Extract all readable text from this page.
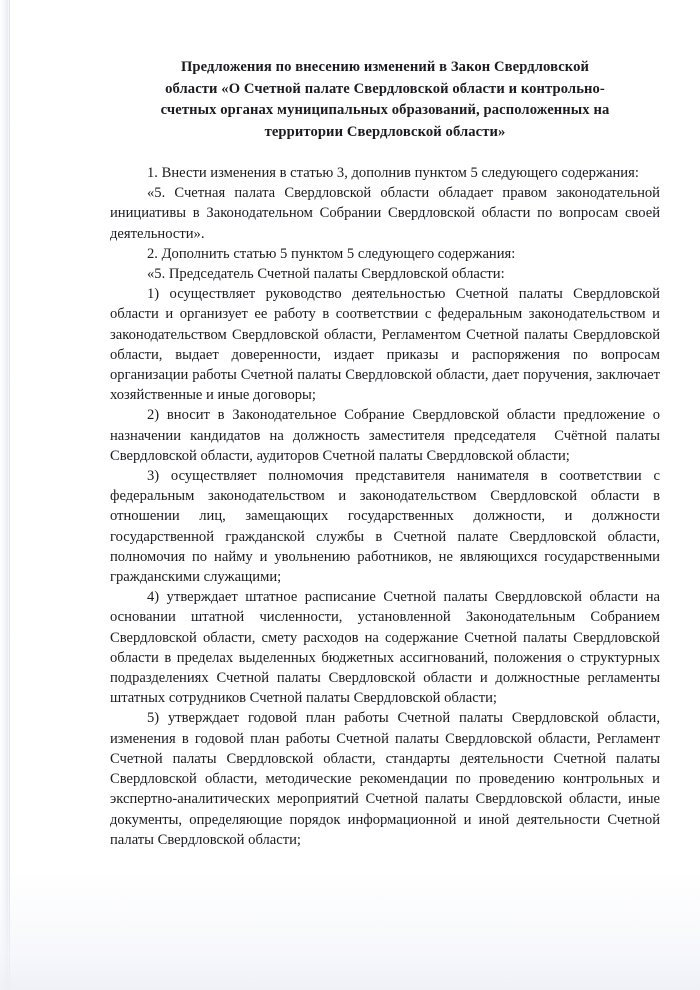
Предложения по внесению изменений в Закон Свердловской
области «О Счетной палате Свердловской области и контрольно-
счетных органах муниципальных образований, расположенных на
территории Свердловской области»

1. Внести изменения в статью 3, дополнив пунктом 5 следующего содержания:

«5. Счетная палата Свердловской области обладает правом законодательной инициативы в Законодательном Собрании Свердловской области по вопросам своей деятельности».

2. Дополнить статью 5 пунктом 5 следующего содержания:

«5. Председатель Счетной палаты Свердловской области:

1) осуществляет руководство деятельностью Счетной палаты Свердловской области и организует ее работу в соответствии с федеральным законодательством и законодательством Свердловской области, Регламентом Счетной палаты Свердловской области, выдает доверенности, издает приказы и распоряжения по вопросам организации работы Счетной палаты Свердловской области, дает поручения, заключает хозяйственные и иные договоры;

2) вносит в Законодательное Собрание Свердловской области предложение о назначении кандидатов на должность заместителя председателя  Счётной палаты Свердловской области, аудиторов Счетной палаты Свердловской области;

3) осуществляет полномочия представителя нанимателя в соответствии с федеральным законодательством и законодательством Свердловской области в отношении лиц, замещающих государственных должности, и должности государственной гражданской службы в Счетной палате Свердловской области, полномочия по найму и увольнению работников, не являющихся государственными гражданскими служащими;

4) утверждает штатное расписание Счетной палаты Свердловской области на основании штатной численности, установленной Законодательным Собранием Свердловской области, смету расходов на содержание Счетной палаты Свердловской области в пределах выделенных бюджетных ассигнований, положения о структурных подразделениях Счетной палаты Свердловской области и должностные регламенты штатных сотрудников Счетной палаты Свердловской области;

5) утверждает годовой план работы Счетной палаты Свердловской области, изменения в годовой план работы Счетной палаты Свердловской области, Регламент Счетной палаты Свердловской области, стандарты деятельности Счетной палаты Свердловской области, методические рекомендации по проведению контрольных и экспертно-аналитических мероприятий Счетной палаты Свердловской области, иные документы, определяющие порядок информационной и иной деятельности Счетной палаты Свердловской области;
